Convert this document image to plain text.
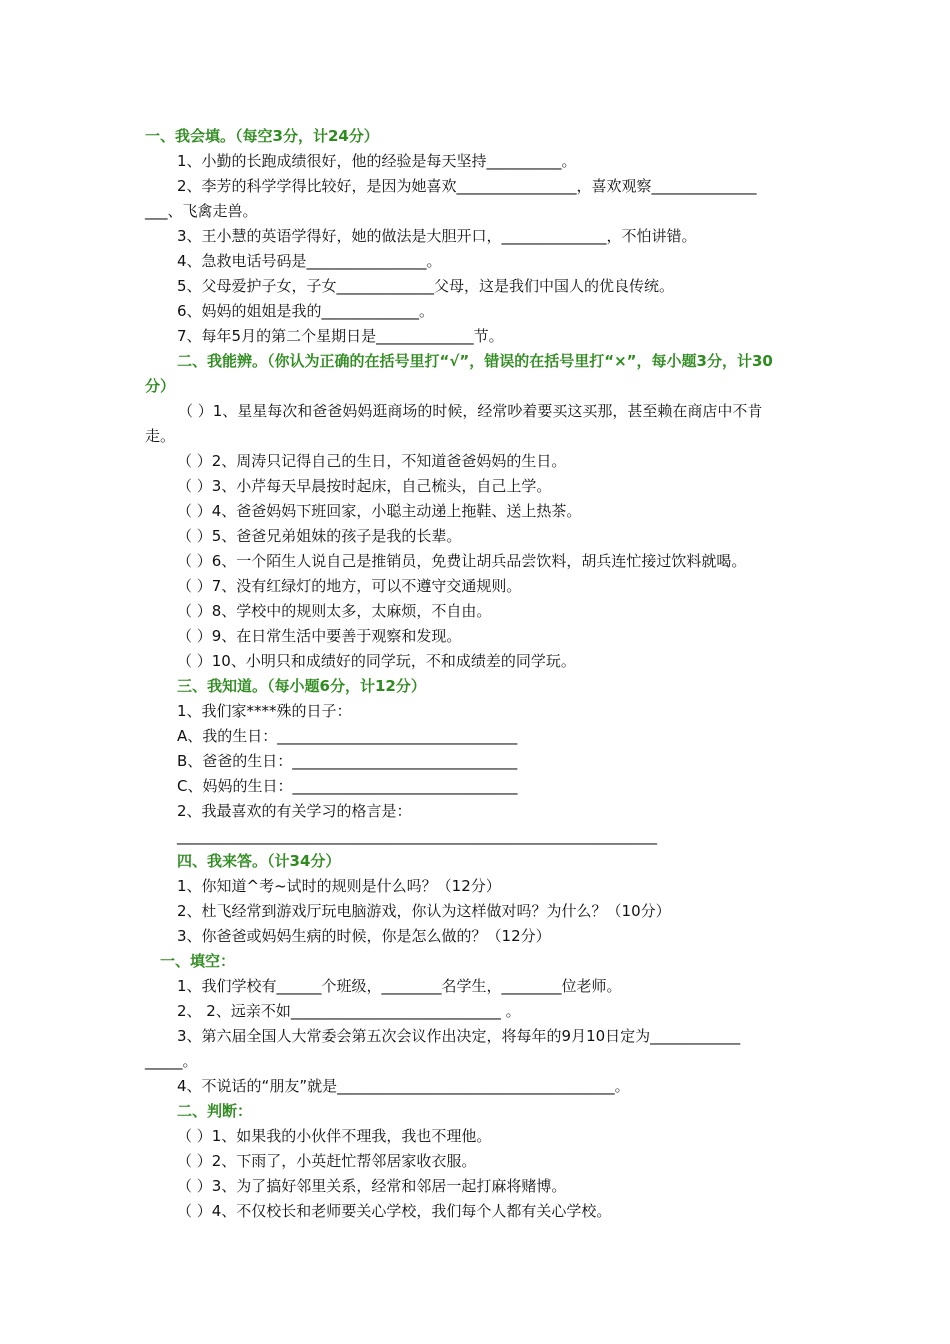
一、我会填。（每空3分，计24分）
1、小勤的长跑成绩很好，他的经验是每天坚持__________。
2、李芳的科学学得比较好，是因为她喜欢________________，喜欢观察______________
___、飞禽走兽。
3、王小慧的英语学得好，她的做法是大胆开口，______________，不怕讲错。
4、急救电话号码是________________。
5、父母爱护子女，子女_____________父母，这是我们中国人的优良传统。
6、妈妈的姐姐是我的_____________。
7、每年5月的第二个星期日是_____________节。
二、我能辨。（你认为正确的在括号里打“√”，错误的在括号里打“×”，每小题3分，计30
分）
（ ）1、星星每次和爸爸妈妈逛商场的时候，经常吵着要买这买那，甚至赖在商店中不肯
走。
（ ）2、周涛只记得自己的生日，不知道爸爸妈妈的生日。
（ ）3、小芹每天早晨按时起床，自己梳头，自己上学。
（ ）4、爸爸妈妈下班回家，小聪主动递上拖鞋、送上热茶。
（ ）5、爸爸兄弟姐妹的孩子是我的长辈。
（ ）6、一个陌生人说自己是推销员，免费让胡兵品尝饮料，胡兵连忙接过饮料就喝。
（ ）7、没有红绿灯的地方，可以不遵守交通规则。
（ ）8、学校中的规则太多，太麻烦，不自由。
（ ）9、在日常生活中要善于观察和发现。
（ ）10、小明只和成绩好的同学玩，不和成绩差的同学玩。
三、我知道。（每小题6分，计12分）
1、我们家****殊的日子：
A、我的生日：________________________________
B、爸爸的生日：______________________________
C、妈妈的生日：______________________________
2、我最喜欢的有关学习的格言是：
________________________________________________________________
四、我来答。（计34分）
1、你知道^考~试时的规则是什么吗？（12分）
2、杜飞经常到游戏厅玩电脑游戏，你认为这样做对吗？为什么？（10分）
3、你爸爸或妈妈生病的时候，你是怎么做的？（12分）
一、填空：
1、我们学校有______个班级，________名学生，________位老师。
2、 2、远亲不如____________________________ 。
3、第六届全国人大常委会第五次会议作出决定，将每年的9月10日定为____________
_____。
4、不说话的“朋友”就是_____________________________________。
二、判断：
（ ）1、如果我的小伙伴不理我，我也不理他。
（ ）2、下雨了，小英赶忙帮邻居家收衣服。
（ ）3、为了搞好邻里关系，经常和邻居一起打麻将赌博。
（ ）4、不仅校长和老师要关心学校，我们每个人都有关心学校。
